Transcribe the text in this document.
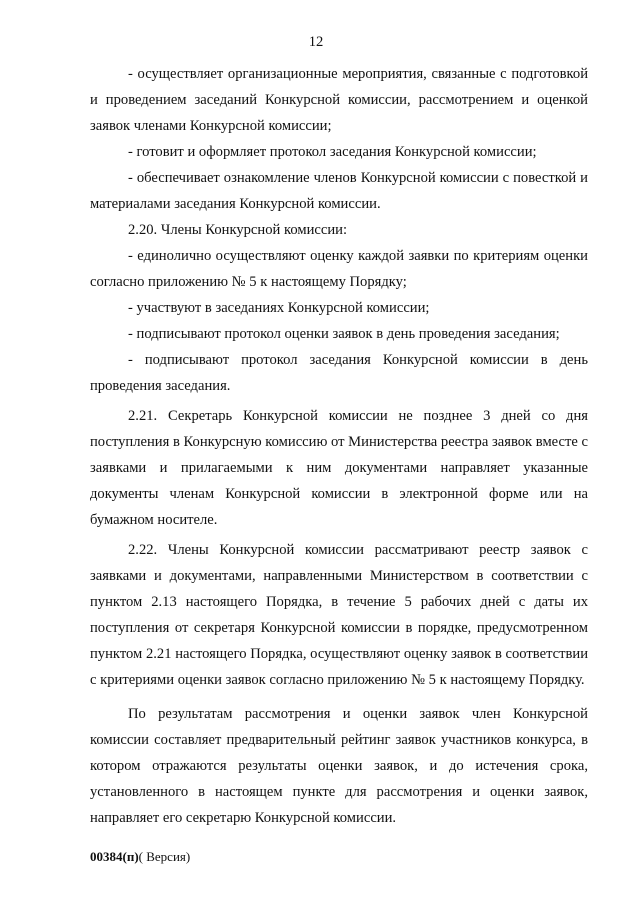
12

- осуществляет организационные мероприятия, связанные с подготовкой и проведением заседаний Конкурсной комиссии, рассмотрением и оценкой заявок членами Конкурсной комиссии;

- готовит и оформляет протокол заседания Конкурсной комиссии;

- обеспечивает ознакомление членов Конкурсной комиссии с повесткой и материалами заседания Конкурсной комиссии.

2.20. Члены Конкурсной комиссии:

- единолично осуществляют оценку каждой заявки по критериям оценки согласно приложению № 5 к настоящему Порядку;

- участвуют в заседаниях Конкурсной комиссии;

- подписывают протокол оценки заявок в день проведения заседания;

- подписывают протокол заседания Конкурсной комиссии в день проведения заседания.

2.21. Секретарь Конкурсной комиссии не позднее 3 дней со дня поступления в Конкурсную комиссию от Министерства реестра заявок вместе с заявками и прилагаемыми к ним документами направляет указанные документы членам Конкурсной комиссии в электронной форме или на бумажном носителе.

2.22. Члены Конкурсной комиссии рассматривают реестр заявок с заявками и документами, направленными Министерством в соответствии с пунктом 2.13 настоящего Порядка, в течение 5 рабочих дней с даты их поступления от секретаря Конкурсной комиссии в порядке, предусмотренном пунктом 2.21 настоящего Порядка, осуществляют оценку заявок в соответствии с критериями оценки заявок согласно приложению № 5 к настоящему Порядку.

По результатам рассмотрения и оценки заявок член Конкурсной комиссии составляет предварительный рейтинг заявок участников конкурса, в котором отражаются результаты оценки заявок, и до истечения срока, установленного в настоящем пункте для рассмотрения и оценки заявок, направляет его секретарю Конкурсной комиссии.

00384(п)( Версия)
